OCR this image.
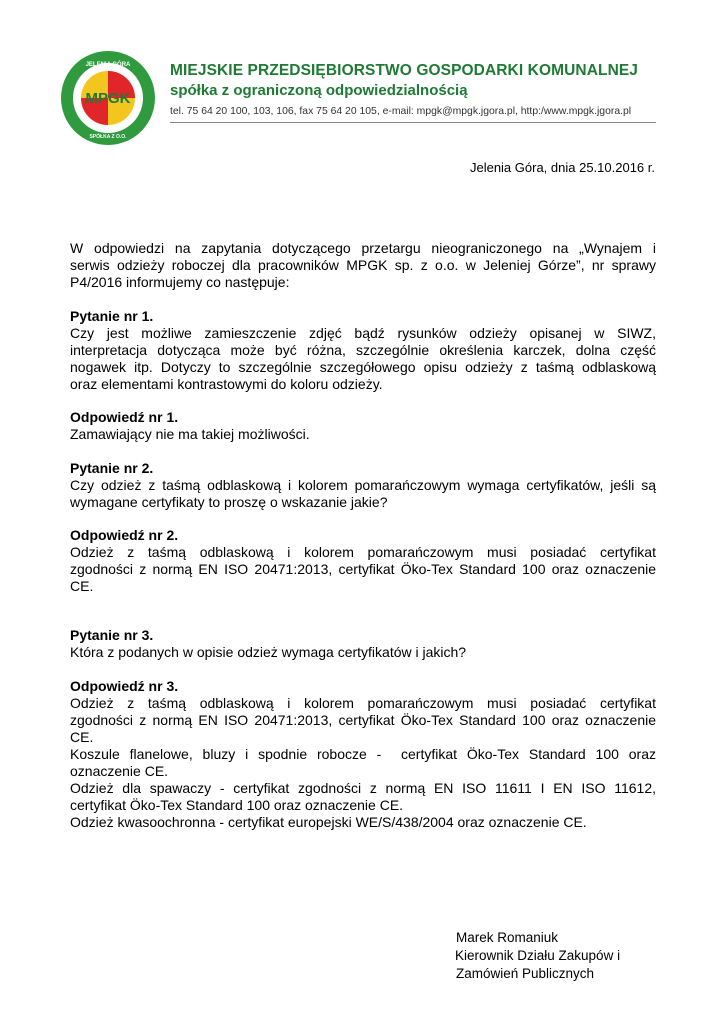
JELENIA GÓRA
MPGK
SPÓŁKA Z O.O.
MIEJSKIE PRZEDSIĘBIORSTWO GOSPODARKI KOMUNALNEJ
spółka z ograniczoną odpowiedzialnością
tel. 75 64 20 100, 103, 106, fax 75 64 20 105, e-mail: mpgk@mpgk.jgora.pl, http:/www.mpgk.jgora.pl
Jelenia Góra, dnia 25.10.2016 r.
W odpowiedzi na zapytania dotyczącego przetargu nieograniczonego na „Wynajem i
serwis odzieży roboczej dla pracowników MPGK sp. z o.o. w Jeleniej Górze”, nr sprawy
P4/2016 informujemy co następuje:
Pytanie nr 1.
Czy jest możliwe zamieszczenie zdjęć bądź rysunków odzieży opisanej w SIWZ,
interpretacja dotycząca może być różna, szczególnie określenia karczek, dolna część
nogawek itp. Dotyczy to szczególnie szczegółowego opisu odzieży z taśmą odblaskową
oraz elementami kontrastowymi do koloru odzieży.
Odpowiedź nr 1.
Zamawiający nie ma takiej możliwości.
Pytanie nr 2.
Czy odzież z taśmą odblaskową i kolorem pomarańczowym wymaga certyfikatów, jeśli są
wymagane certyfikaty to proszę o wskazanie jakie?
Odpowiedź nr 2.
Odzież z taśmą odblaskową i kolorem pomarańczowym musi posiadać certyfikat
zgodności z normą EN ISO 20471:2013, certyfikat Öko-Tex Standard 100 oraz oznaczenie
CE.
Pytanie nr 3.
Która z podanych w opisie odzież wymaga certyfikatów i jakich?
Odpowiedź nr 3.
Odzież z taśmą odblaskową i kolorem pomarańczowym musi posiadać certyfikat
zgodności z normą EN ISO 20471:2013, certyfikat Öko-Tex Standard 100 oraz oznaczenie
CE.
Koszule flanelowe, bluzy i spodnie robocze -  certyfikat Öko-Tex Standard 100 oraz
oznaczenie CE.
Odzież dla spawaczy - certyfikat zgodności z normą EN ISO 11611 I EN ISO 11612,
certyfikat Öko-Tex Standard 100 oraz oznaczenie CE.
Odzież kwasoochronna - certyfikat europejski WE/S/438/2004 oraz oznaczenie CE.
Marek Romaniuk
Kierownik Działu Zakupów i
Zamówień Publicznych
